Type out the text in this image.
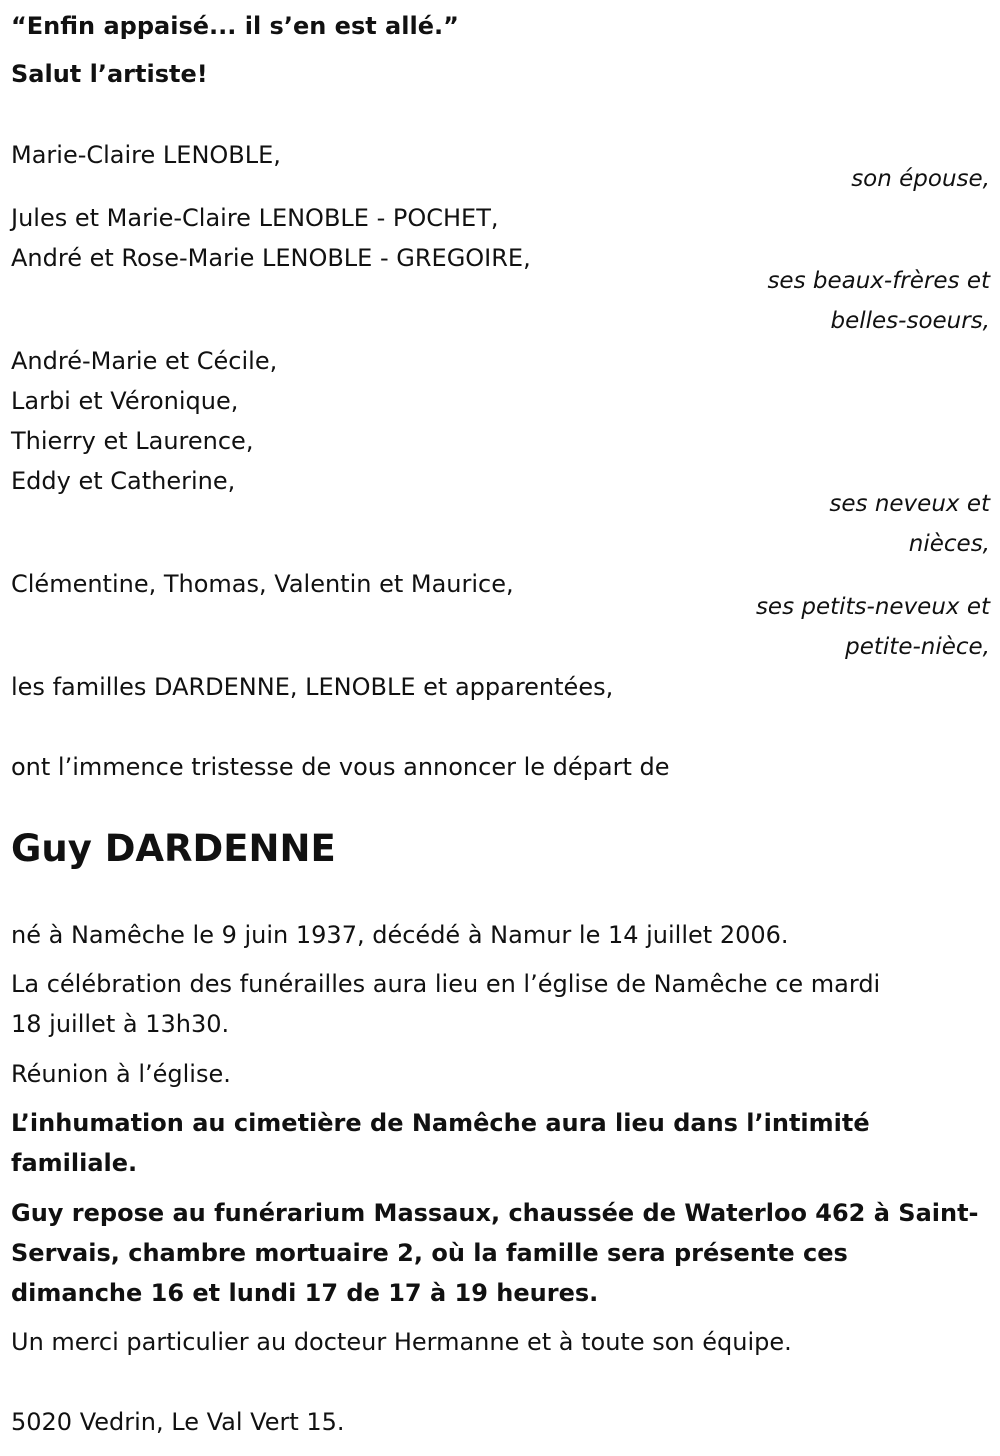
“Enfin appaisé... il s’en est allé.”
Salut l’artiste!
Marie-Claire LENOBLE,
son épouse,
Jules et Marie-Claire LENOBLE - POCHET,
André et Rose-Marie LENOBLE - GREGOIRE,
ses beaux-frères et
belles-soeurs,
André-Marie et Cécile,
Larbi et Véronique,
Thierry et Laurence,
Eddy et Catherine,
ses neveux et
nièces,
Clémentine, Thomas, Valentin et Maurice,
ses petits-neveux et
petite-nièce,
les familles DARDENNE, LENOBLE et apparentées,
ont l’immence tristesse de vous annoncer le départ de
Guy DARDENNE
né à Namêche le 9 juin 1937, décédé à Namur le 14 juillet 2006.
La célébration des funérailles aura lieu en l’église de Namêche ce mardi
18 juillet à 13h30.
Réunion à l’église.
L’inhumation au cimetière de Namêche aura lieu dans l’intimité
familiale.
Guy repose au funérarium Massaux, chaussée de Waterloo 462 à Saint-
Servais, chambre mortuaire 2, où la famille sera présente ces
dimanche 16 et lundi 17 de 17 à 19 heures.
Un merci particulier au docteur Hermanne et à toute son équipe.
5020 Vedrin, Le Val Vert 15.
